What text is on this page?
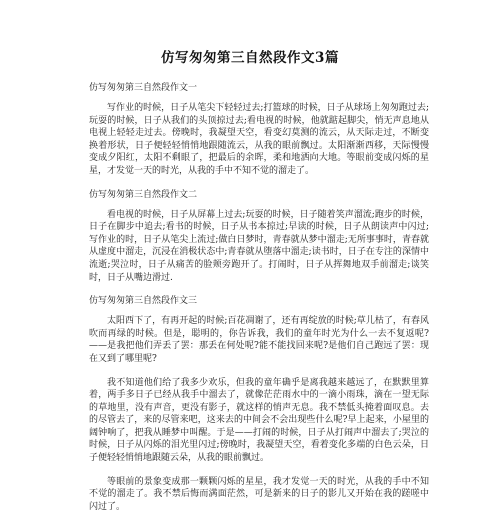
仿写匆匆第三自然段作文3篇
仿写匆匆第三自然段作文一

写作业的时候，日子从笔尖下轻轻过去;打篮球的时候，日子从球场上匆匆跑过去;玩耍的时候，日子从我们的头顶掠过去;看电视的时候，他就踮起脚尖，悄无声息地从电视上轻轻走过去。傍晚时，我凝望天空，看变幻莫测的流云，从天际走过，不断变换着形状，日子便轻轻悄悄地跟随流云，从我的眼前飘过。太阳渐渐西移，天际慢慢变成夕阳红，太阳不剩眼了，把最后的余晖，柔和地洒向大地。等眼前变成闪烁的星星，才发觉一天的时光，从我的手中不知不觉的溜走了。

仿写匆匆第三自然段作文二

看电视的时候，日子从屏幕上过去;玩耍的时候，日子随着笑声溜流;跑步的时候，日子在脚步中追去;看书的时候，日子从书本掠过;早读的时候，日子从朗读声中闪过;写作业的时，日子从笔尖上流过;做白日梦时，青春就从梦中溜走;无所事事时，青春就从虚度中溜走，沉浸在消极状态中;青春就从堕落中溜走;读书时，日子在专注的深情中流逝;哭泣时，日子从痛苦的脸颊旁跑开了。打闹时，日子从挥舞地双手前溜走;谈笑时，日子从嘴边滑过.

仿写匆匆第三自然段作文三

太阳西下了，有再开起的时候;百花凋谢了，还有再绽放的时候;草儿枯了，有春风吹而再绿的时候。但是，聪明的，你告诉我，我们的童年时光为什么一去不复返呢?——是我把他们弄丢了罢：那丢在何处呢?能不能找回来呢?是他们自己跑远了罢：现在又到了哪里呢?

我不知道他们给了我多少欢乐，但我的童年确乎是离我越来越远了，在默默里算着，两手多日子已经从我手中溜去了，就像茫茫雨水中的一滴小雨珠，滴在一望无际的草地里，没有声音，更没有影子，就这样的悄声无息。我不禁低头掩着面叹息。去的尽管去了，来的尽管来吧，这来去的中间会不会出现些什么呢?早上起来，小屋里的阔钟响了，把我从睡梦中叫醒。于是——打闹的时候，日子从打闹声中溜去了;哭泣的时候，日子从闪烁的泪光里闪过;傍晚时，我凝望天空，看着变化多端的白色云朵，日子便轻轻悄悄地跟随云朵，从我的眼前飘过。

等眼前的景象变成那一颗颗闪烁的星星，我才发觉一天的时光，从我的手中不知不觉的溜走了。我不禁后悔而满面茫然，可是新来的日子的影儿又开始在我的蹉嗟中闪过了。
